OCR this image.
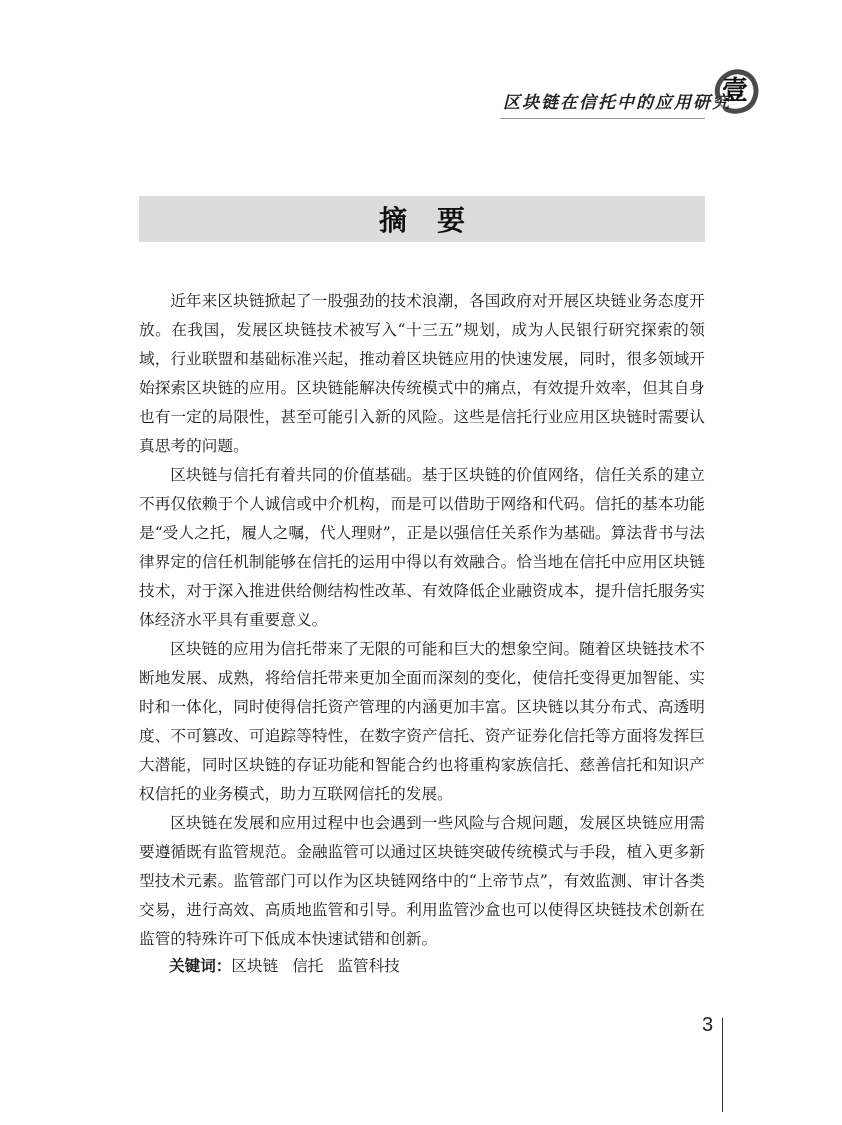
区块链在信托中的应用研究
壹
摘要

近年来区块链掀起了一股强劲的技术浪潮，各国政府对开展区块链业务态度开放。在我国，发展区块链技术被写入“十三五”规划，成为人民银行研究探索的领域，行业联盟和基础标准兴起，推动着区块链应用的快速发展，同时，很多领域开始探索区块链的应用。区块链能解决传统模式中的痛点，有效提升效率，但其自身也有一定的局限性，甚至可能引入新的风险。这些是信托行业应用区块链时需要认真思考的问题。

区块链与信托有着共同的价值基础。基于区块链的价值网络，信任关系的建立不再仅依赖于个人诚信或中介机构，而是可以借助于网络和代码。信托的基本功能是“受人之托，履人之嘱，代人理财”，正是以强信任关系作为基础。算法背书与法律界定的信任机制能够在信托的运用中得以有效融合。恰当地在信托中应用区块链技术，对于深入推进供给侧结构性改革、有效降低企业融资成本，提升信托服务实体经济水平具有重要意义。

区块链的应用为信托带来了无限的可能和巨大的想象空间。随着区块链技术不断地发展、成熟，将给信托带来更加全面而深刻的变化，使信托变得更加智能、实时和一体化，同时使得信托资产管理的内涵更加丰富。区块链以其分布式、高透明度、不可篡改、可追踪等特性，在数字资产信托、资产证券化信托等方面将发挥巨大潜能，同时区块链的存证功能和智能合约也将重构家族信托、慈善信托和知识产权信托的业务模式，助力互联网信托的发展。

区块链在发展和应用过程中也会遇到一些风险与合规问题，发展区块链应用需要遵循既有监管规范。金融监管可以通过区块链突破传统模式与手段，植入更多新型技术元素。监管部门可以作为区块链网络中的“上帝节点”，有效监测、审计各类交易，进行高效、高质地监管和引导。利用监管沙盒也可以使得区块链技术创新在监管的特殊许可下低成本快速试错和创新。

关键词：区块链 信托 监管科技
3
